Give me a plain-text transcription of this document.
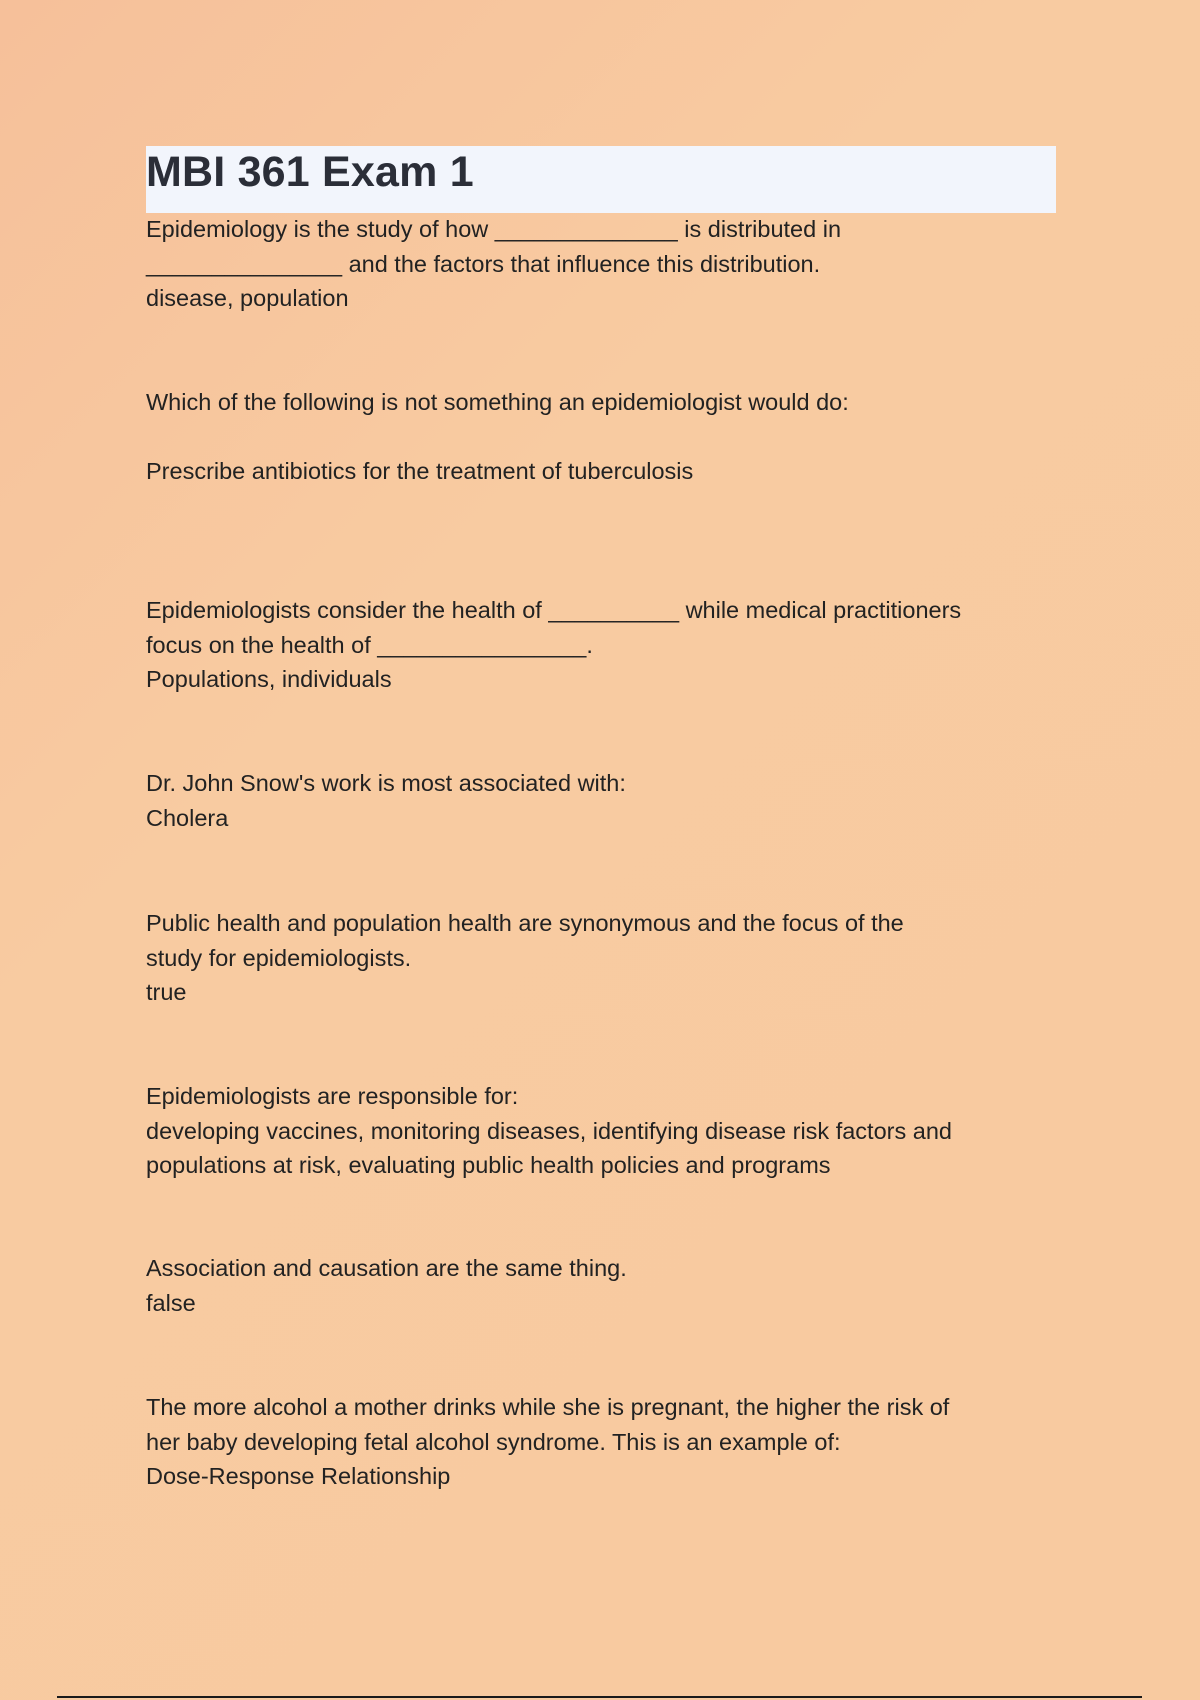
MBI 361 Exam 1
Epidemiology is the study of how ______________ is distributed in
_______________ and the factors that influence this distribution.
disease, population
Which of the following is not something an epidemiologist would do:
Prescribe antibiotics for the treatment of tuberculosis
Epidemiologists consider the health of __________ while medical practitioners
focus on the health of ________________.
Populations, individuals
Dr. John Snow's work is most associated with:
Cholera
Public health and population health are synonymous and the focus of the
study for epidemiologists.
true
Epidemiologists are responsible for:
developing vaccines, monitoring diseases, identifying disease risk factors and
populations at risk, evaluating public health policies and programs
Association and causation are the same thing.
false
The more alcohol a mother drinks while she is pregnant, the higher the risk of
her baby developing fetal alcohol syndrome. This is an example of:
Dose-Response Relationship
